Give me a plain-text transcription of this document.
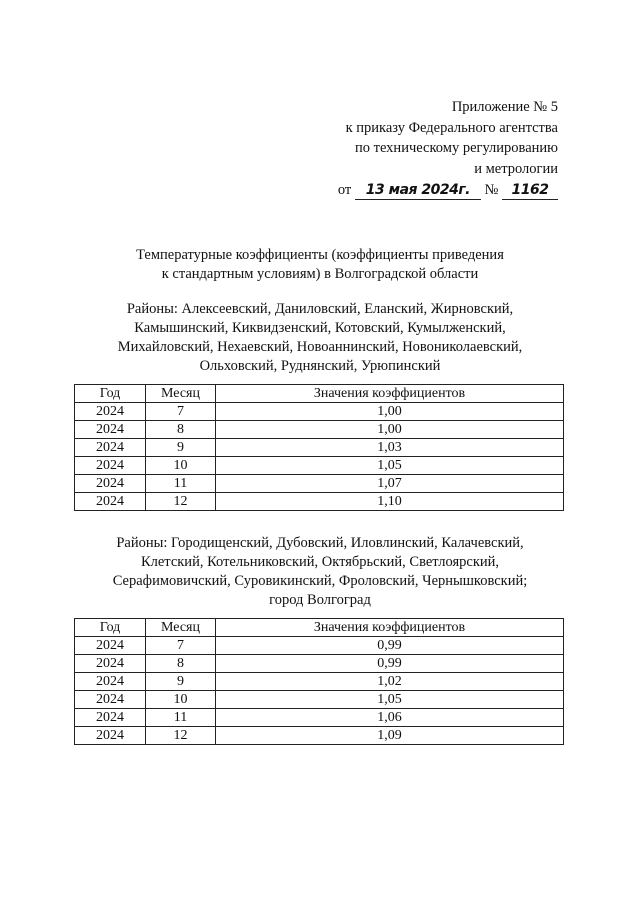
Приложение № 5
к приказу Федерального агентства
по техническому регулированию
и метрологии
от 13 мая 2024г. № 1162
Температурные коэффициенты (коэффициенты приведения
к стандартным условиям) в Волгоградской области
Районы: Алексеевский, Даниловский, Еланский, Жирновский,
Камышинский, Киквидзенский, Котовский, Кумылженский,
Михайловский, Нехаевский, Новоаннинский, Новониколаевский,
Ольховский, Руднянский, Урюпинский
Год	Месяц	Значения коэффициентов
2024	7	1,00
2024	8	1,00
2024	9	1,03
2024	10	1,05
2024	11	1,07
2024	12	1,10
Районы: Городищенский, Дубовский, Иловлинский, Калачевский,
Клетский, Котельниковский, Октябрьский, Светлоярский,
Серафимовичский, Суровикинский, Фроловский, Чернышковский;
город Волгоград
Год	Месяц	Значения коэффициентов
2024	7	0,99
2024	8	0,99
2024	9	1,02
2024	10	1,05
2024	11	1,06
2024	12	1,09
